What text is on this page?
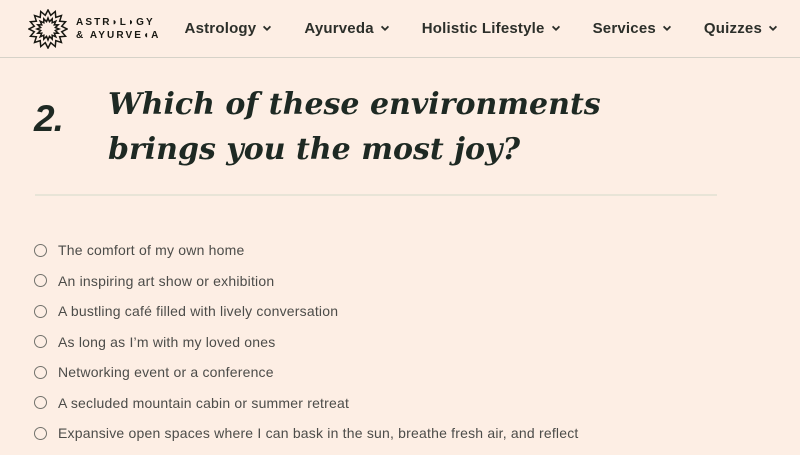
ASTR◗L◗GY
& AYURVE◖A Astrology	Ayurveda	Holistic Lifestyle	Services	Quizzes
2.	Which of these environments brings you the most joy?
The comfort of my own home
An inspiring art show or exhibition
A bustling café filled with lively conversation
As long as I’m with my loved ones
Networking event or a conference
A secluded mountain cabin or summer retreat
Expansive open spaces where I can bask in the sun, breathe fresh air, and reflect
